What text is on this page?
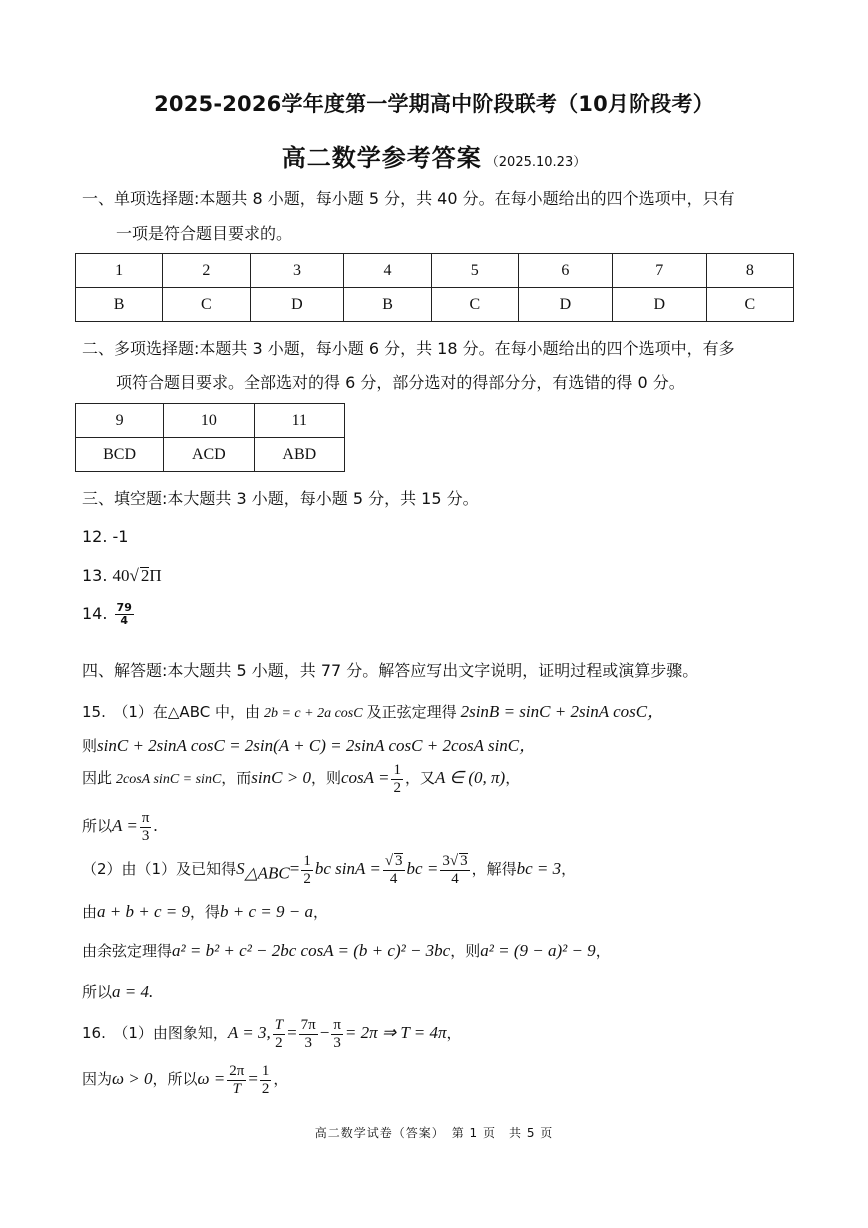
2025-2026学年度第一学期高中阶段联考（10月阶段考）
高二数学参考答案 （2025.10.23）
一、单项选择题:本题共 8 小题，每小题 5 分，共 40 分。在每小题给出的四个选项中，只有
一项是符合题目要求的。
1	2	3	4	5	6	7	8
B	C	D	B	C	D	D	C
二、多项选择题:本题共 3 小题，每小题 6 分，共 18 分。在每小题给出的四个选项中，有多
项符合题目要求。全部选对的得 6 分，部分选对的得部分分，有选错的得 0 分。
9	10	11
BCD	ACD	ABD
三、填空题:本大题共 3 小题，每小题 5 分，共 15 分。
12. -1
13. 40√ 2Π
14. $\frac{79}{4}$
四、解答题:本大题共 5 小题，共 77 分。解答应写出文字说明，证明过程或演算步骤。
15.　（1）在△ABC 中，由 2b = c + 2a cosC 及正弦定理得 2sinB = sinC + 2sinA cosC，
则sinC + 2sinA cosC = 2sin(A + C) = 2sinA cosC + 2cosA sinC，
因此 2cosA sinC = sinC，而sinC > 0，则$\cos A = \frac{1}{2}$ ，又A ∈ (0, π)，
所以$A = \frac{\pi}{3}$ .
（2）由（1）及已知得$S_{\triangle ABC}= \frac{1}{2}$ bc $\sin A = \frac{√ 3}{4}$ bc = $\frac{3√ 3}{4}$ ，解得bc = 3，
由a + b + c = 9，得b + c = 9 − a，
由余弦定理得a² = b² + c² − 2bc cosA = (b + c)² − 3bc，则a² = (9 − a)² − 9，
所以a = 4.
16.　（1）由图象知，A = 3, $\frac{T}{2} = \frac{7\pi}{3} - \frac{\pi}{3} = 2\pi$ ⇒ T = 4π，
因为ω > 0，所以$\omega = \frac{2\pi}{T} = \frac{1}{2}$ ，
高二数学试卷（答案）　第 1 页　共 5 页
